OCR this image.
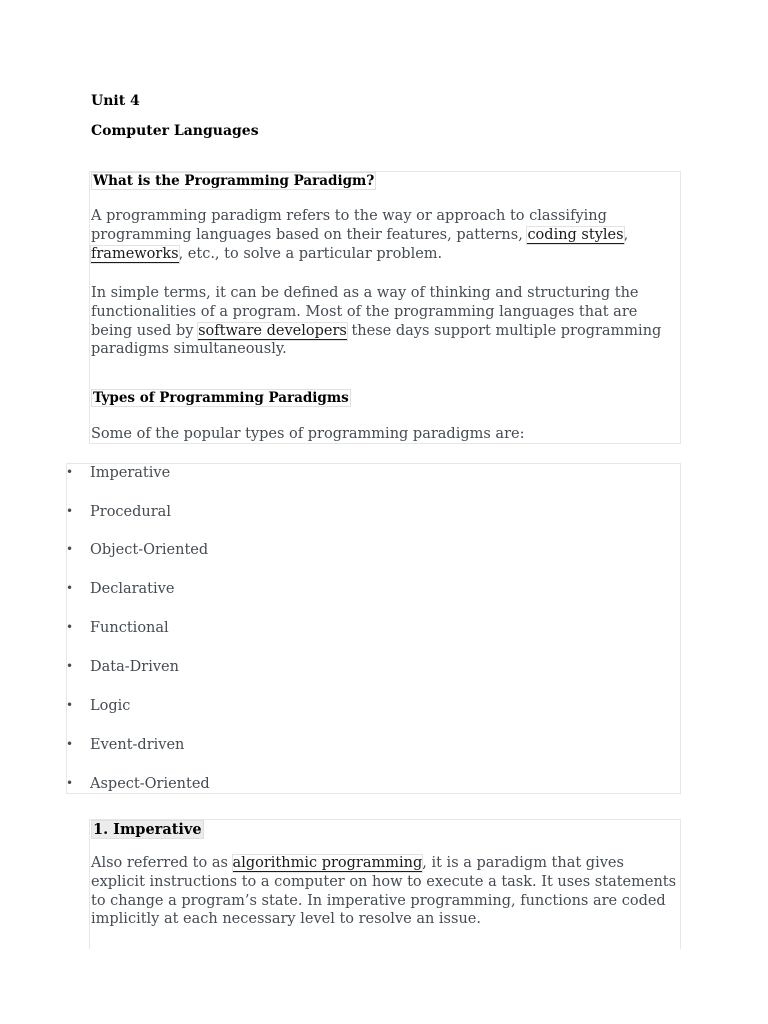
Unit 4
Computer Languages
What is the Programming Paradigm?
A programming paradigm refers to the way or approach to classifying programming languages based on their features, patterns, coding styles, frameworks, etc., to solve a particular problem.
In simple terms, it can be defined as a way of thinking and structuring the functionalities of a program. Most of the programming languages that are being used by software developers these days support multiple programming paradigms simultaneously.
Types of Programming Paradigms
Some of the popular types of programming paradigms are:
• Imperative
• Procedural
• Object-Oriented
• Declarative
• Functional
• Data-Driven
• Logic
• Event-driven
• Aspect-Oriented
1. Imperative
Also referred to as algorithmic programming, it is a paradigm that gives explicit instructions to a computer on how to execute a task. It uses statements to change a program’s state. In imperative programming, functions are coded implicitly at each necessary level to resolve an issue.
